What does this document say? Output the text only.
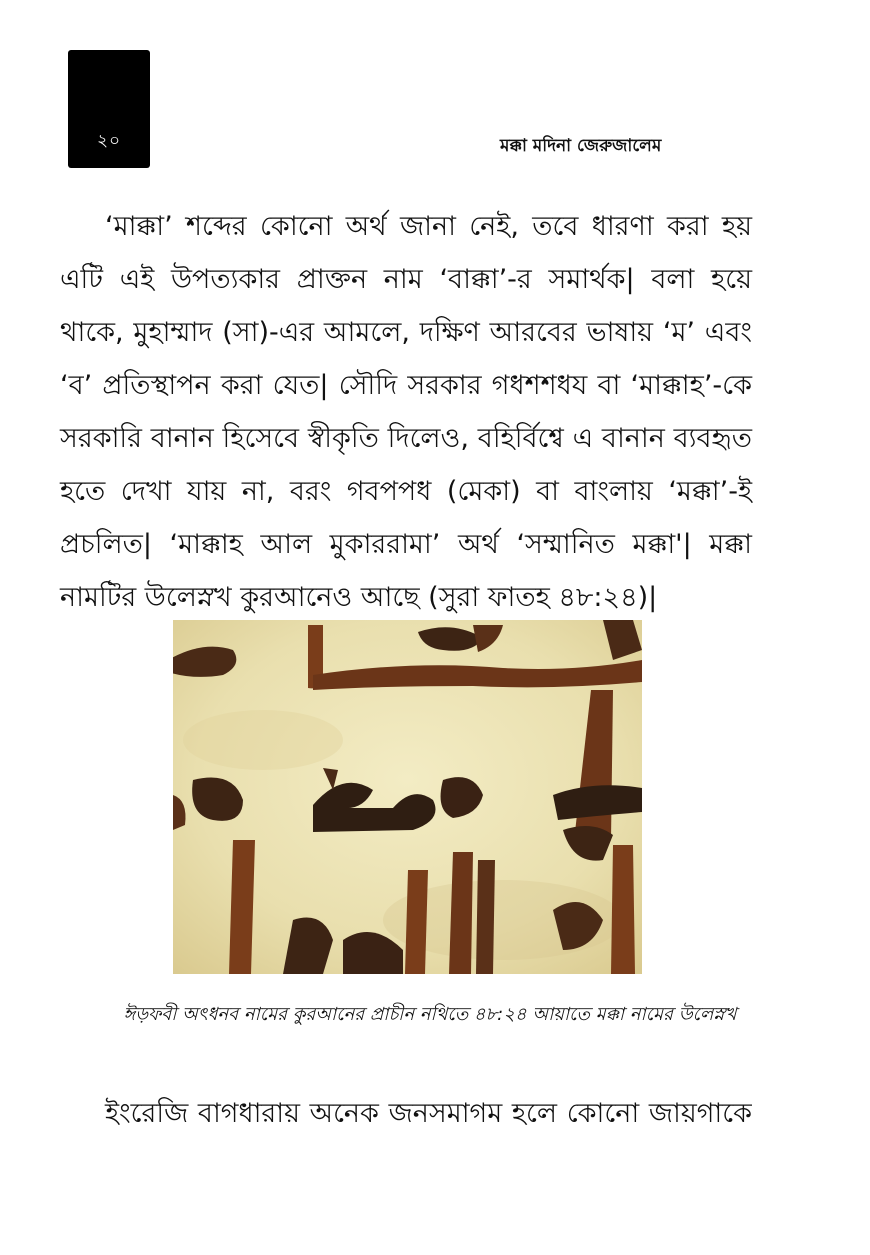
২০	মক্কা মদিনা জেরুজালেম

‘মাক্কা’ শব্দের কোনো অর্থ জানা নেই, তবে ধারণা করা হয় এটি এই উপত্যকার প্রাক্তন নাম ‘বাক্কা’-র সমার্থক| বলা হয়ে থাকে, মুহাম্মাদ (সা)-এর আমলে, দক্ষিণ আরবের ভাষায় ‘ম’ এবং ‘ব’ প্রতিস্থাপন করা যেত| সৌদি সরকার গধশশধয বা ‘মাক্কাহ’-কে সরকারি বানান হিসেবে স্বীকৃতি দিলেও, বহির্বিশ্বে এ বানান ব্যবহৃত হতে দেখা যায় না, বরং গবপপধ (মেকা) বা বাংলায় ‘মক্কা’-ই প্রচলিত| ‘মাক্কাহ আল মুকাররামা’ অর্থ ‘সম্মানিত মক্কা'| মক্কা নামটির উলেস্নখ কুরআনেও আছে (সুরা ফাতহ ৪৮:২৪)|

ঈড়ফবী অৎধনব নামের কুরআনের প্রাচীন নথিতে ৪৮:২৪ আয়াতে মক্কা নামের উলেস্নখ

ইংরেজি বাগধারায় অনেক জনসমাগম হলে কোনো জায়গাকে
